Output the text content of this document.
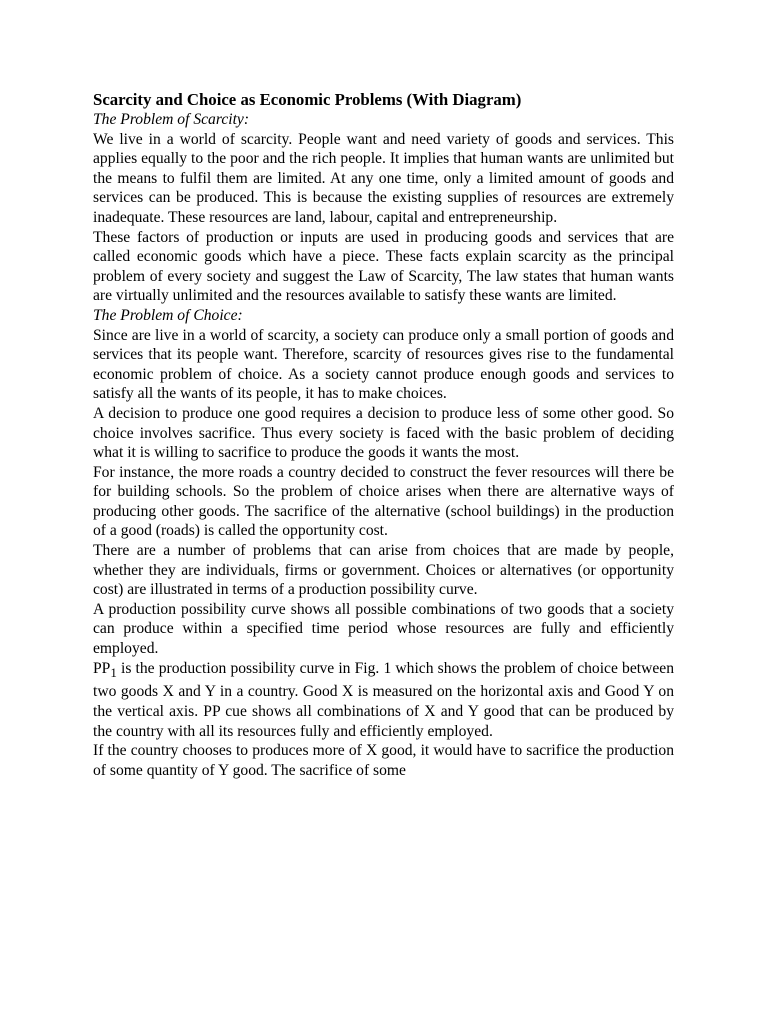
Scarcity and Choice as Economic Problems (With Diagram)

The Problem of Scarcity:

We live in a world of scarcity. People want and need variety of goods and services. This applies equally to the poor and the rich people. It implies that human wants are unlimited but the means to fulfil them are limited. At any one time, only a limited amount of goods and services can be produced. This is because the existing supplies of resources are extremely inadequate. These resources are land, labour, capital and entrepreneurship.

These factors of production or inputs are used in producing goods and services that are called economic goods which have a piece. These facts explain scarcity as the principal problem of every society and suggest the Law of Scarcity, The law states that human wants are virtually unlimited and the resources available to satisfy these wants are limited.

The Problem of Choice:

Since are live in a world of scarcity, a society can produce only a small portion of goods and services that its people want. Therefore, scarcity of resources gives rise to the fundamental economic problem of choice. As a society cannot produce enough goods and services to satisfy all the wants of its people, it has to make choices.

A decision to produce one good requires a decision to produce less of some other good. So choice involves sacrifice. Thus every society is faced with the basic problem of deciding what it is willing to sacrifice to produce the goods it wants the most.

For instance, the more roads a country decided to construct the fever resources will there be for building schools. So the problem of choice arises when there are alternative ways of producing other goods. The sacrifice of the alternative (school buildings) in the production of a good (roads) is called the opportunity cost.

There are a number of problems that can arise from choices that are made by people, whether they are individuals, firms or government. Choices or alternatives (or opportunity cost) are illustrated in terms of a production possibility curve.

A production possibility curve shows all possible combinations of two goods that a society can produce within a specified time period whose resources are fully and efficiently employed.

$PP_1$ is the production possibility curve in Fig. 1 which shows the problem of choice between two goods X and Y in a country. Good X is measured on the horizontal axis and Good Y on the vertical axis. PP cue shows all combinations of X and Y good that can be produced by the country with all its resources fully and efficiently employed.

If the country chooses to produces more of X good, it would have to sacrifice the production of some quantity of Y good. The sacrifice of some
